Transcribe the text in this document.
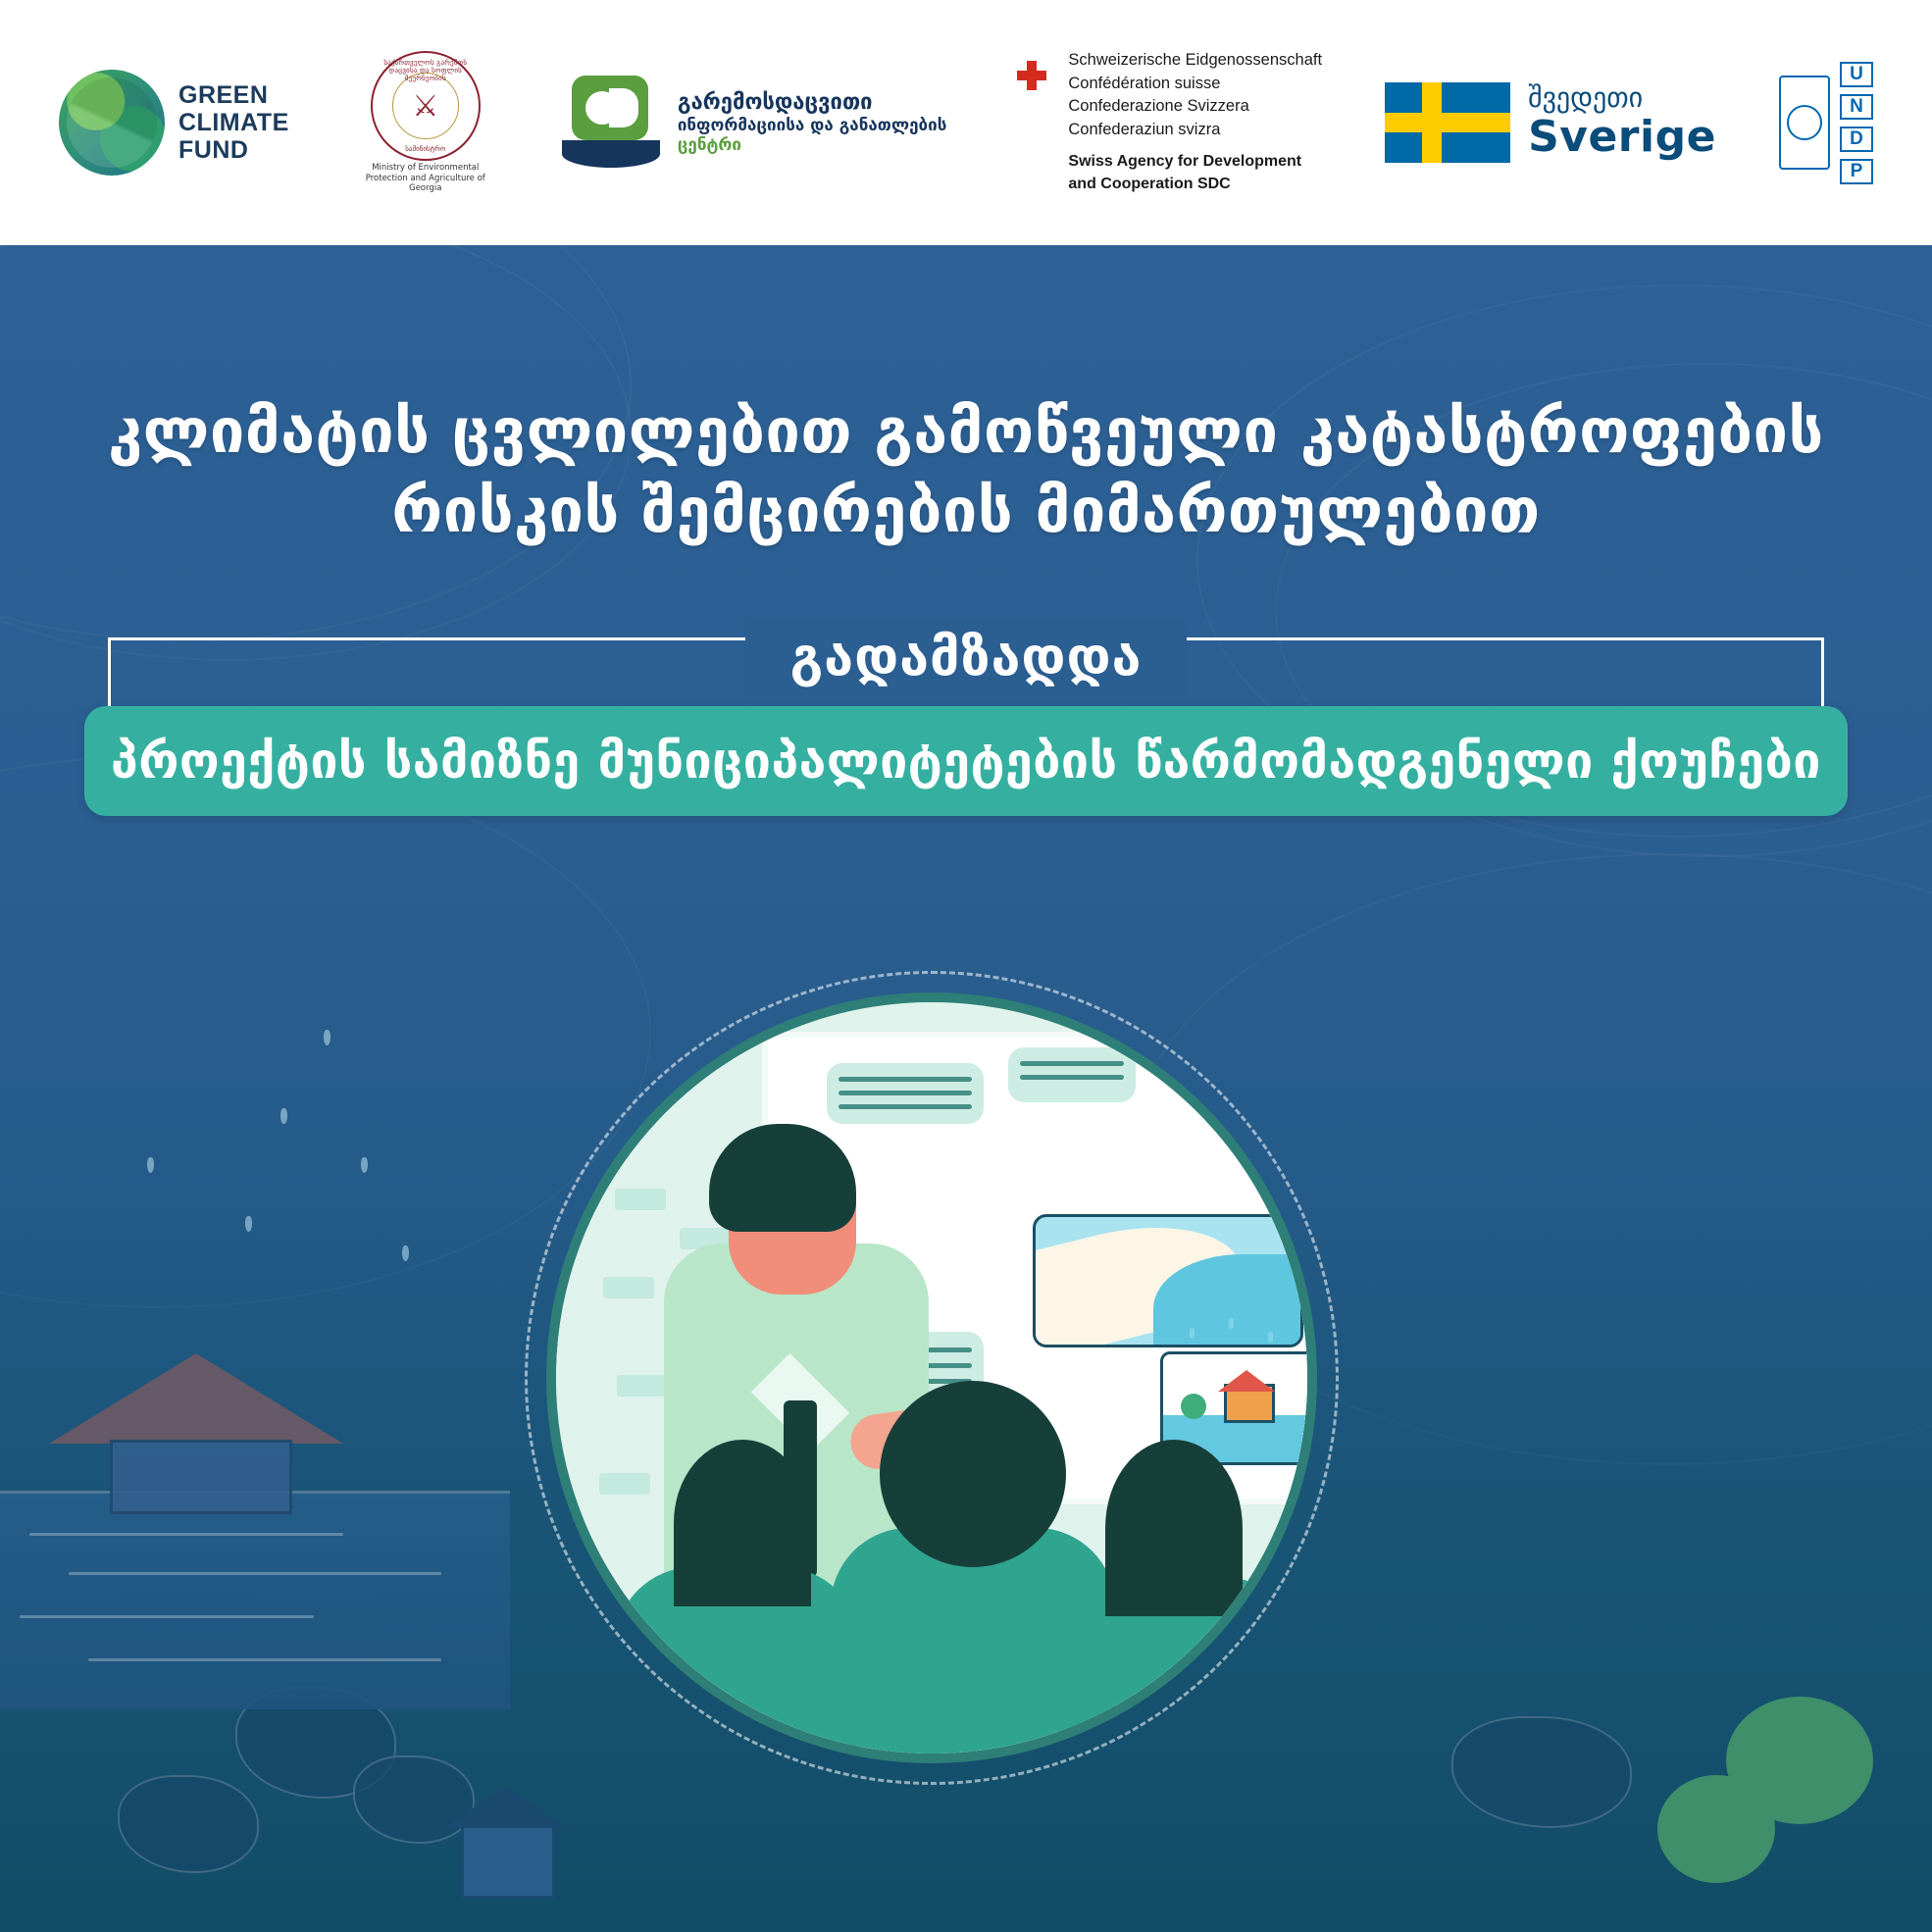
GREEN
CLIMATE
FUND
საქართველოს გარემოს დაცვისა და სოფლის მეურნეობის
⚔
სამინისტრო
Ministry of Environmental Protection and Agriculture of Georgia
გარემოსდაცვითი
ინფორმაციისა და განათლების
ცენტრი
Schweizerische Eidgenossenschaft
Confédération suisse
Confederazione Svizzera
Confederaziun svizra
Swiss Agency for Development
and Cooperation SDC
შვედეთი
Sverige
U
N
D
P
კლიმატის ცვლილებით გამოწვეული კატასტროფების
რისკის შემცირების მიმართულებით
გადამზადდა
პროექტის სამიზნე მუნიციპალიტეტების წარმომადგენელი ქოუჩები
